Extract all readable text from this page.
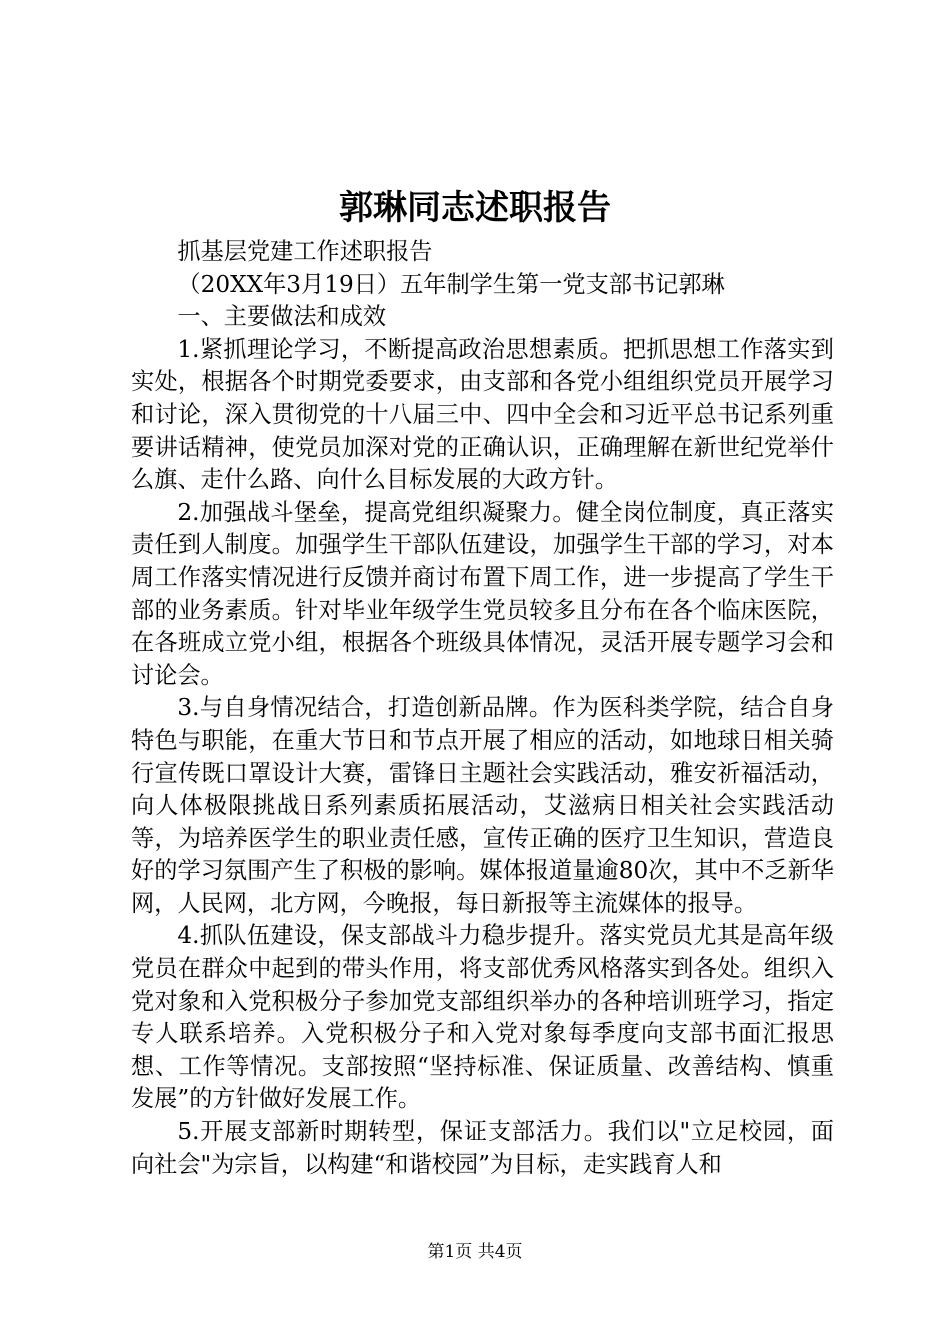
郭琳同志述职报告

抓基层党建工作述职报告

（20XX年3月19日）五年制学生第一党支部书记郭琳

一、主要做法和成效

1.紧抓理论学习，不断提高政治思想素质。把抓思想工作落实到实处，根据各个时期党委要求，由支部和各党小组组织党员开展学习和讨论，深入贯彻党的十八届三中、四中全会和习近平总书记系列重要讲话精神，使党员加深对党的正确认识，正确理解在新世纪党举什么旗、走什么路、向什么目标发展的大政方针。

2.加强战斗堡垒，提高党组织凝聚力。健全岗位制度，真正落实责任到人制度。加强学生干部队伍建设，加强学生干部的学习，对本周工作落实情况进行反馈并商讨布置下周工作，进一步提高了学生干部的业务素质。针对毕业年级学生党员较多且分布在各个临床医院，在各班成立党小组，根据各个班级具体情况，灵活开展专题学习会和讨论会。

3.与自身情况结合，打造创新品牌。作为医科类学院，结合自身特色与职能，在重大节日和节点开展了相应的活动，如地球日相关骑行宣传既口罩设计大赛，雷锋日主题社会实践活动，雅安祈福活动，向人体极限挑战日系列素质拓展活动，艾滋病日相关社会实践活动等，为培养医学生的职业责任感，宣传正确的医疗卫生知识，营造良好的学习氛围产生了积极的影响。媒体报道量逾80次，其中不乏新华网，人民网，北方网，今晚报，每日新报等主流媒体的报导。

4.抓队伍建设，保支部战斗力稳步提升。落实党员尤其是高年级党员在群众中起到的带头作用，将支部优秀风格落实到各处。组织入党对象和入党积极分子参加党支部组织举办的各种培训班学习，指定专人联系培养。入党积极分子和入党对象每季度向支部书面汇报思想、工作等情况。支部按照“坚持标准、保证质量、改善结构、慎重发展”的方针做好发展工作。

5.开展支部新时期转型，保证支部活力。我们以"立足校园，面向社会"为宗旨，以构建“和谐校园”为目标，走实践育人和

第1页 共4页
